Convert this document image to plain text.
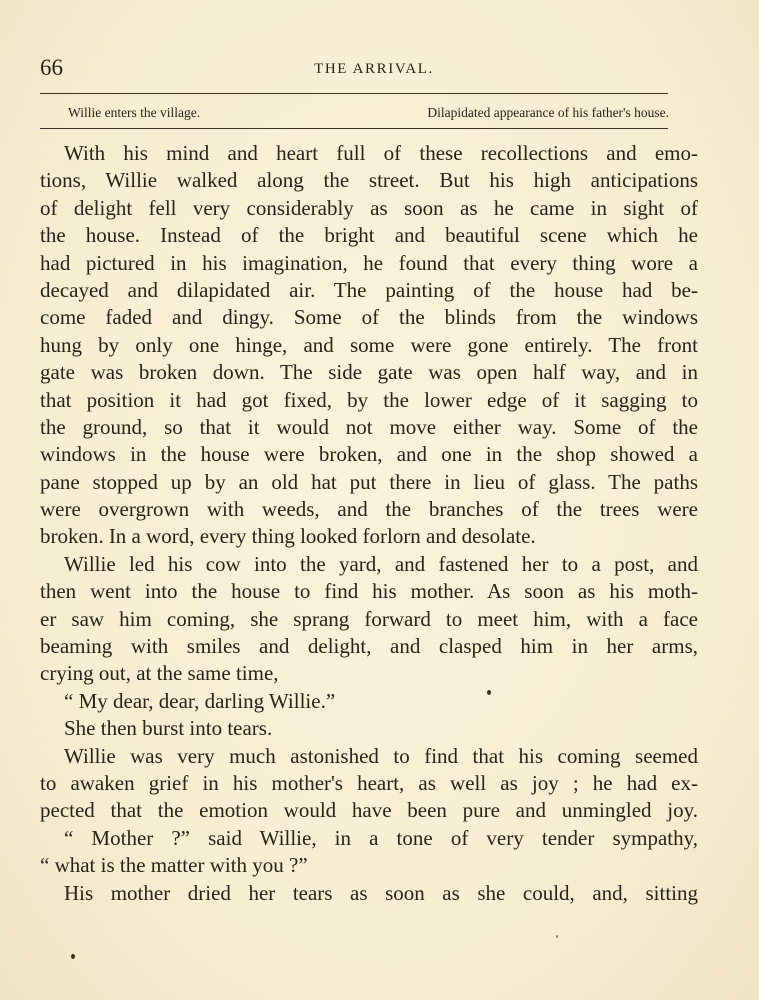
66	THE ARRIVAL.
Willie enters the village.	Dilapidated appearance of his father's house.
With his mind and heart full of these recollections and emo-
tions, Willie walked along the street. But his high anticipations
of delight fell very considerably as soon as he came in sight of
the house. Instead of the bright and beautiful scene which he
had pictured in his imagination, he found that every thing wore a
decayed and dilapidated air. The painting of the house had be-
come faded and dingy. Some of the blinds from the windows
hung by only one hinge, and some were gone entirely. The front
gate was broken down. The side gate was open half way, and in
that position it had got fixed, by the lower edge of it sagging to
the ground, so that it would not move either way. Some of the
windows in the house were broken, and one in the shop showed a
pane stopped up by an old hat put there in lieu of glass. The paths
were overgrown with weeds, and the branches of the trees were
broken. In a word, every thing looked forlorn and desolate.
Willie led his cow into the yard, and fastened her to a post, and
then went into the house to find his mother. As soon as his moth-
er saw him coming, she sprang forward to meet him, with a face
beaming with smiles and delight, and clasped him in her arms,
crying out, at the same time,
“ My dear, dear, darling Willie.”
She then burst into tears.
Willie was very much astonished to find that his coming seemed
to awaken grief in his mother's heart, as well as joy ; he had ex-
pected that the emotion would have been pure and unmingled joy.
“ Mother ?” said Willie, in a tone of very tender sympathy,
“ what is the matter with you ?”
His mother dried her tears as soon as she could, and, sitting
